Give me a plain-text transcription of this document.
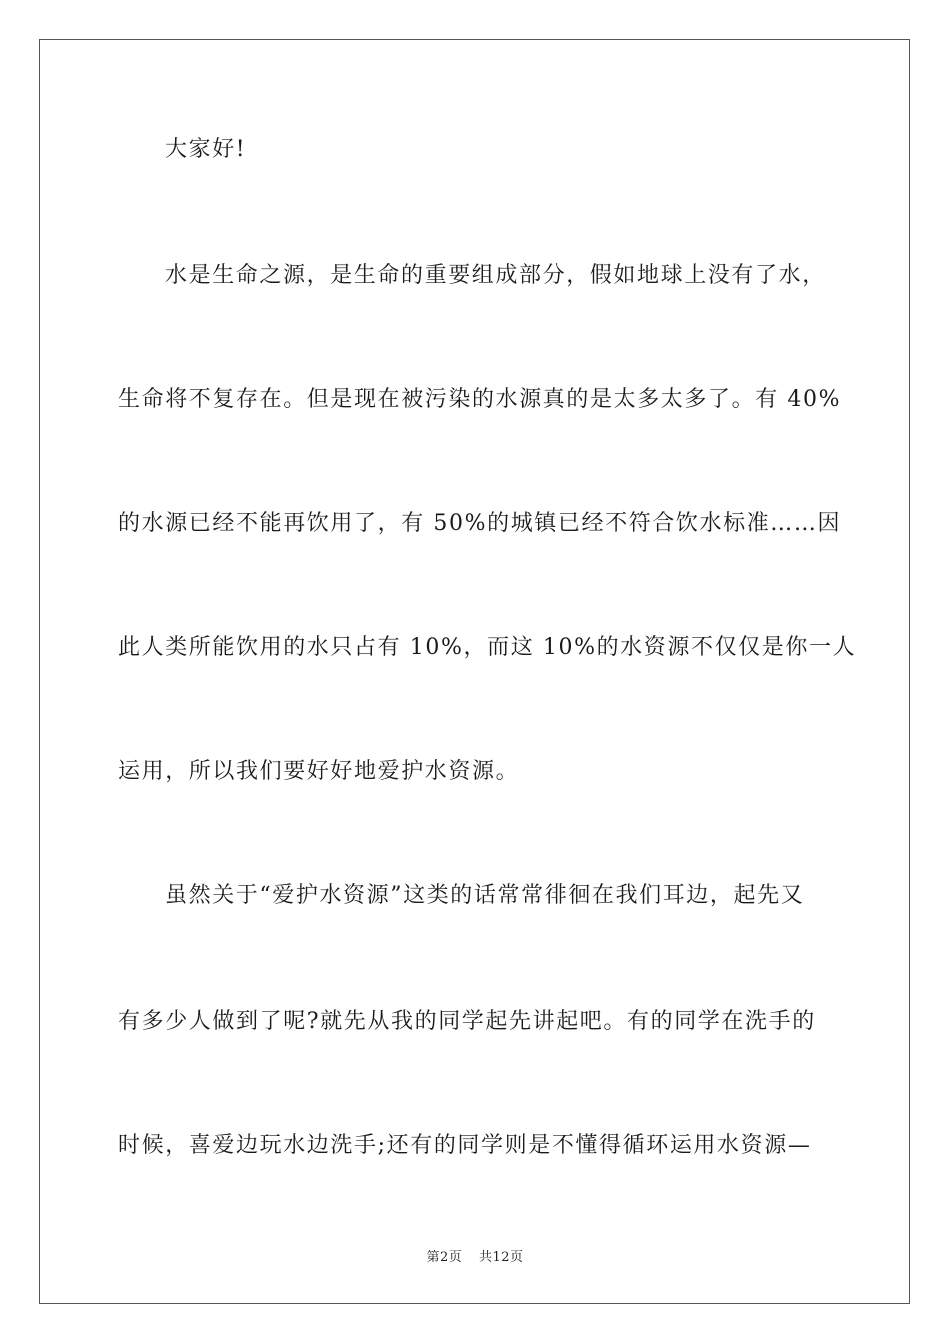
大家好!
水是生命之源，是生命的重要组成部分，假如地球上没有了水，
生命将不复存在。但是现在被污染的水源真的是太多太多了。有 40%
的水源已经不能再饮用了，有 50%的城镇已经不符合饮水标准……因
此人类所能饮用的水只占有 10%，而这 10%的水资源不仅仅是你一人
运用，所以我们要好好地爱护水资源。
虽然关于“爱护水资源”这类的话常常徘徊在我们耳边，起先又
有多少人做到了呢?就先从我的同学起先讲起吧。有的同学在洗手的
时候，喜爱边玩水边洗手;还有的同学则是不懂得循环运用水资源—
第2页 共12页
